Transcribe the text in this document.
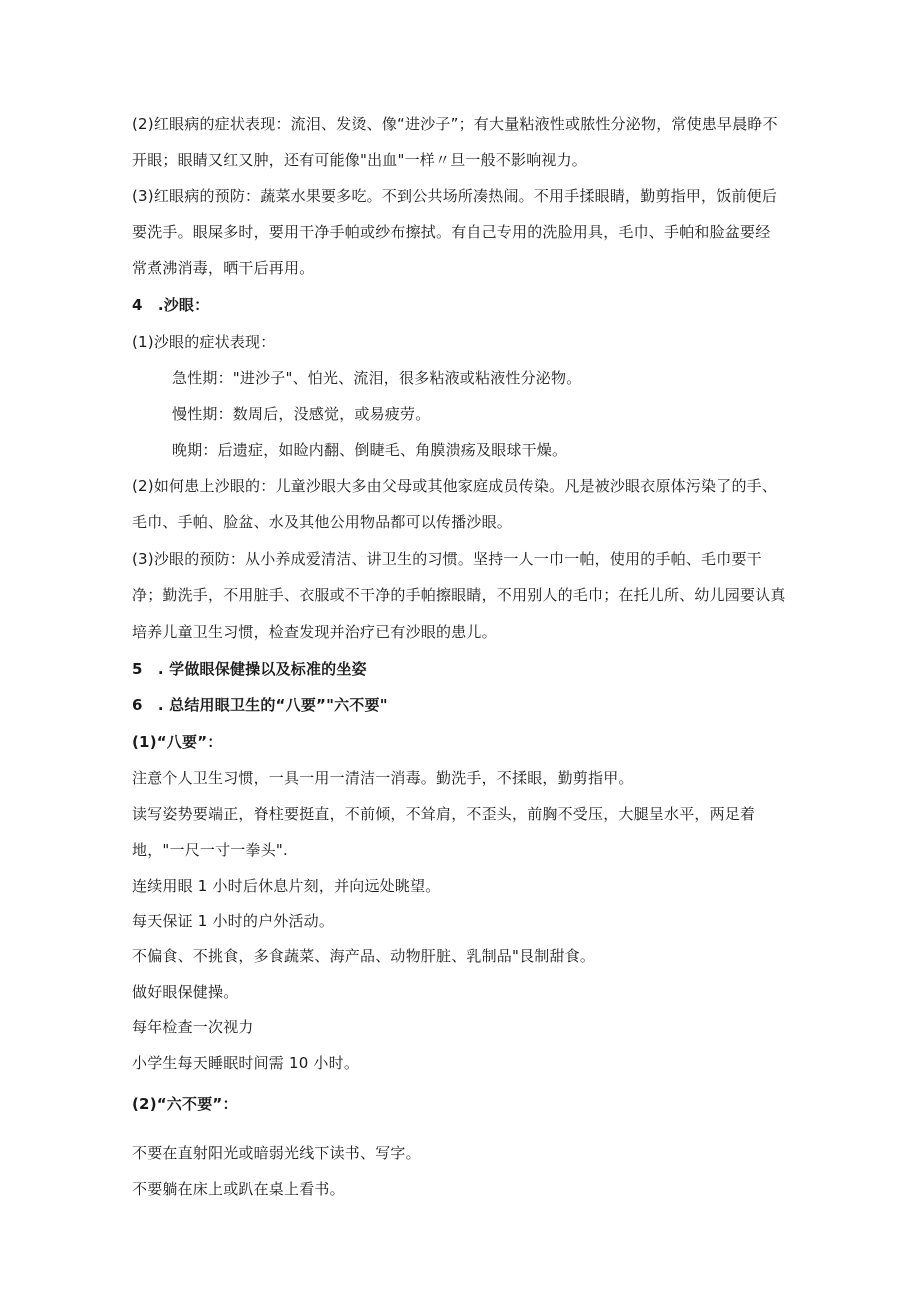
(2)红眼病的症状表现：流泪、发烫、像“进沙子”；有大量粘液性或脓性分泌物，常使患早晨睁不
开眼；眼睛又红又肿，还有可能像"出血"一样〃旦一般不影响视力。
(3)红眼病的预防：蔬菜水果要多吃。不到公共场所凑热闹。不用手揉眼睛，勤剪指甲，饭前便后
要洗手。眼屎多时，要用干净手帕或纱布擦拭。有自己专用的洗脸用具，毛巾、手帕和脸盆要经
常煮沸消毒，晒干后再用。
4　.沙眼：
(1)沙眼的症状表现：
急性期："进沙子"、怕光、流泪，很多粘液或粘液性分泌物。
慢性期：数周后，没感觉，或易疲劳。
晚期：后遗症，如睑内翻、倒睫毛、角膜溃疡及眼球干燥。
(2)如何患上沙眼的：儿童沙眼大多由父母或其他家庭成员传染。凡是被沙眼衣原体污染了的手、
毛巾、手帕、脸盆、水及其他公用物品都可以传播沙眼。
(3)沙眼的预防：从小养成爱清洁、讲卫生的习惯。坚持一人一巾一帕，使用的手帕、毛巾要干
净；勤洗手，不用脏手、衣服或不干净的手帕擦眼睛，不用别人的毛巾；在托儿所、幼儿园要认真
培养儿童卫生习惯，检查发现并治疗已有沙眼的患儿。
5　. 学做眼保健操以及标准的坐姿
6　. 总结用眼卫生的“八要”"六不要"
(1)“八要”：
注意个人卫生习惯，一具一用一清洁一消毒。勤洗手，不揉眼，勤剪指甲。
读写姿势要端正，脊柱要挺直，不前倾，不耸肩，不歪头，前胸不受压，大腿呈水平，两足着
地，"一尺一寸一拳头".
连续用眼 1 小时后休息片刻，并向远处眺望。
每天保证 1 小时的户外活动。
不偏食、不挑食，多食蔬菜、海产品、动物肝脏、乳制品"艮制甜食。
做好眼保健操。
每年检查一次视力
小学生每天睡眠时间需 10 小时。
(2)“六不要”：
不要在直射阳光或暗弱光线下读书、写字。
不要躺在床上或趴在桌上看书。
